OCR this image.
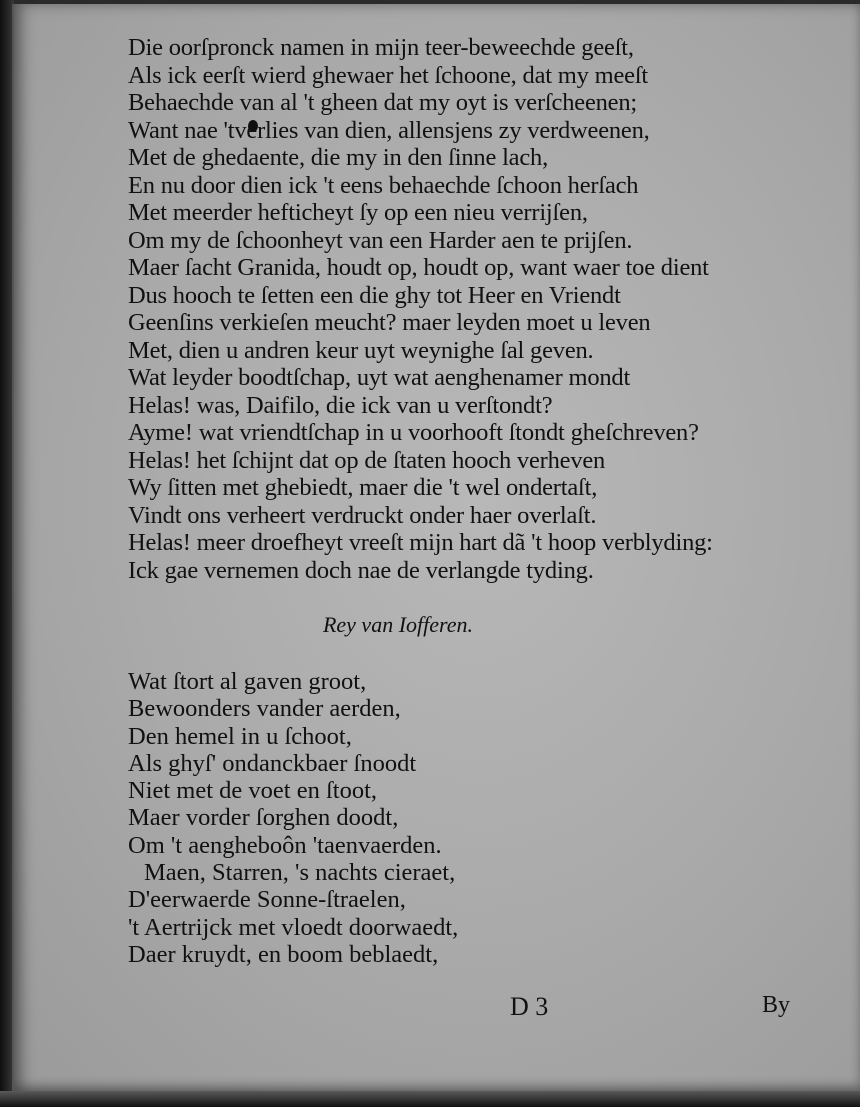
Die oorſpronck namen in mijn teer-beweechde geeſt,
Als ick eerſt wierd ghewaer het ſchoone, dat my meeſt
Behaechde van al 't gheen dat my oyt is verſcheenen;
Want nae 'tverlies van dien, allensjens zy verdweenen,
Met de ghedaente, die my in den ſinne lach,
En nu door dien ick 't eens behaechde ſchoon herſach
Met meerder hefticheyt ſy op een nieu verrijſen,
Om my de ſchoonheyt van een Harder aen te prijſen.
Maer ſacht Granida, houdt op, houdt op, want waer toe dient
Dus hooch te ſetten een die ghy tot Heer en Vriendt
Geenſins verkieſen meucht? maer leyden moet u leven
Met, dien u andren keur uyt weynighe ſal geven.
Wat leyder boodtſchap, uyt wat aenghenamer mondt
Helas! was, Daifilo, die ick van u verſtondt?
Ayme! wat vriendtſchap in u voorhooft ſtondt gheſchreven?
Helas! het ſchijnt dat op de ſtaten hooch verheven
Wy ſitten met ghebiedt, maer die 't wel ondertaſt,
Vindt ons verheert verdruckt onder haer overlaſt.
Helas! meer droefheyt vreeſt mijn hart dã 't hoop verblyding:
Ick gae vernemen doch nae de verlangde tyding.
Rey van Iofferen.
Wat ſtort al gaven groot,
Bewoonders vander aerden,
Den hemel in u ſchoot,
Als ghyſ' ondanckbaer ſnoodt
Niet met de voet en ſtoot,
Maer vorder ſorghen doodt,
Om 't aengheboôn 'taenvaerden.
Maen, Starren, 's nachts cieraet,
D'eerwaerde Sonne-ſtraelen,
't Aertrijck met vloedt doorwaedt,
Daer kruydt, en boom beblaedt,
D 3	By
